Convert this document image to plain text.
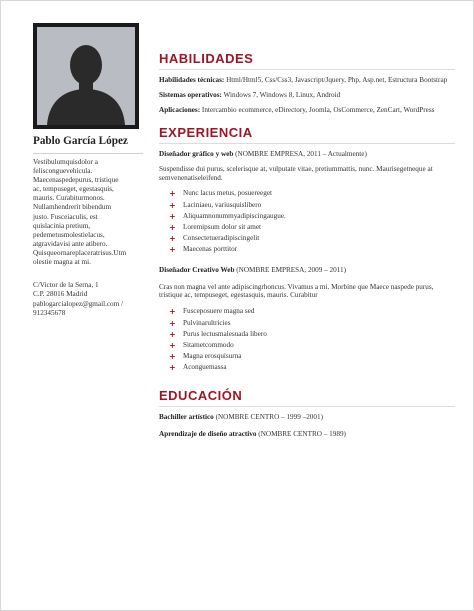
Pablo García López
Vestibulumquisdolor a
felisconguevehicula.
Maecenaspedepurus, tristique
ac, tempuseget, egestasquis,
mauris. Curabiturmonos.
Nullamhendrerit bibendum
justo. Fusceiaculis, est
quislacinia pretium,
pedemetusmolestielacus,
atgravidavisi ante atibero.
Quisqueornareplaceratrisus.Utm
olestie magna at mi.
C/Victor de la Serna, 1
C.P. 28016 Madrid
pablogarcialopez@gmail.com /
912345678
HABILIDADES
Habilidades técnicas: Html/Html5, Css/Css3, Javascript/Jquery, Php, Asp.net, Estructura Bootstrap
Sistemas operativos: Windows 7, Windows 8, Linux, Android
Aplicaciones: Intercambio ecommerce, eDirectory, Joomla, OsCommerce, ZenCart, WordPress
EXPERIENCIA
Diseñador gráfico y web (NOMBRE EMPRESA, 2011 – Actualmente)
Suspendisse dui purus, scelerisque at, vulputate vitae, pretiummattis, nunc. Maurisegetneque at semvenenatiseleifend.
+ Nunc lacus metus, posuereeget
+ Laciniaeu, variusquislibero
+ Aliquamnonummyadipiscingaugue.
+ Loremipsum dolor sit amet
+ Consectetueradipiscingelit
+ Maecenas porttitor
Diseñador Creativo Web (NOMBRE EMPRESA, 2009 – 2011)
Cras non magna vel ante adipiscingrhoncus. Vivamus a mi. Morbine que Maece naspede purus, tristique ac, tempuseget, egestasquis, mauris. Curabitur
+ Fusceposuere magna sed
+ Pulvinarultricies
+ Purus lectusmalesuada libero
+ Sitametcommodo
+ Magna erosquisurna
+ Aconguemassa
EDUCACIÓN
Bachiller artístico (NOMBRE CENTRO – 1999 –2001)
Aprendizaje de diseño atractivo (NOMBRE CENTRO – 1989)
